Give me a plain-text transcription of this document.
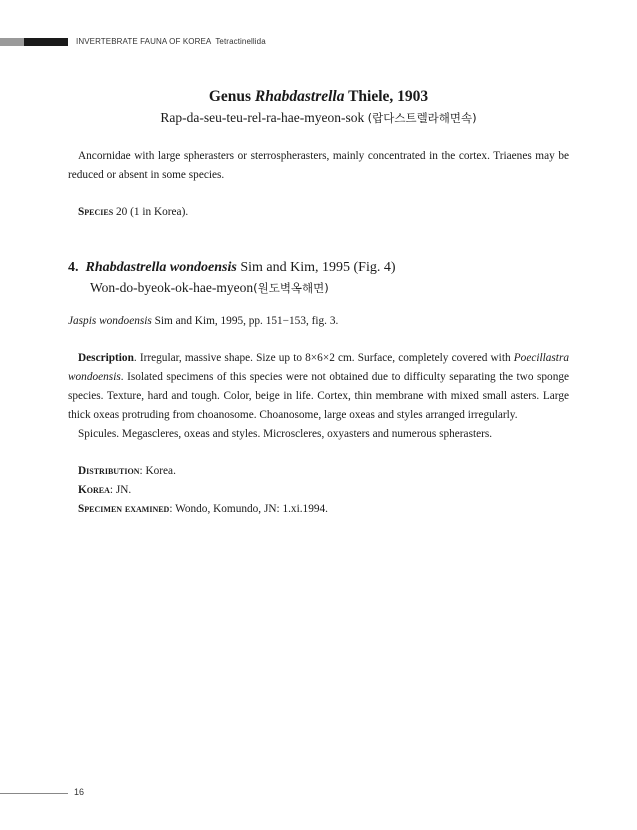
INVERTEBRATE FAUNA OF KOREA Tetractinellida
Genus Rhabdastrella Thiele, 1903
Rap-da-seu-teu-rel-ra-hae-myeon-sok (랍다스트렐라해면속)

Ancornidae with large spherasters or sterrospherasters, mainly concentrated in the cortex. Triaenes may be reduced or absent in some species.

Species 20 (1 in Korea).

4. Rhabdastrella wondoensis Sim and Kim, 1995 (Fig. 4)
Won-do-byeok-ok-hae-myeon(원도벽옥해면)

Jaspis wondoensis Sim and Kim, 1995, pp. 151−153, fig. 3.

Description. Irregular, massive shape. Size up to 8×6×2 cm. Surface, completely covered with Poecillastra wondoensis. Isolated specimens of this species were not obtained due to difficulty separating the two sponge species. Texture, hard and tough. Color, beige in life. Cortex, thin membrane with mixed small asters. Large thick oxeas protruding from choanosome. Choanosome, large oxeas and styles arranged irregularly.

Spicules. Megascleres, oxeas and styles. Microscleres, oxyasters and numerous spherasters.

Distribution: Korea.

Korea: JN.

Specimen examined: Wondo, Komundo, JN: 1.xi.1994.

16
